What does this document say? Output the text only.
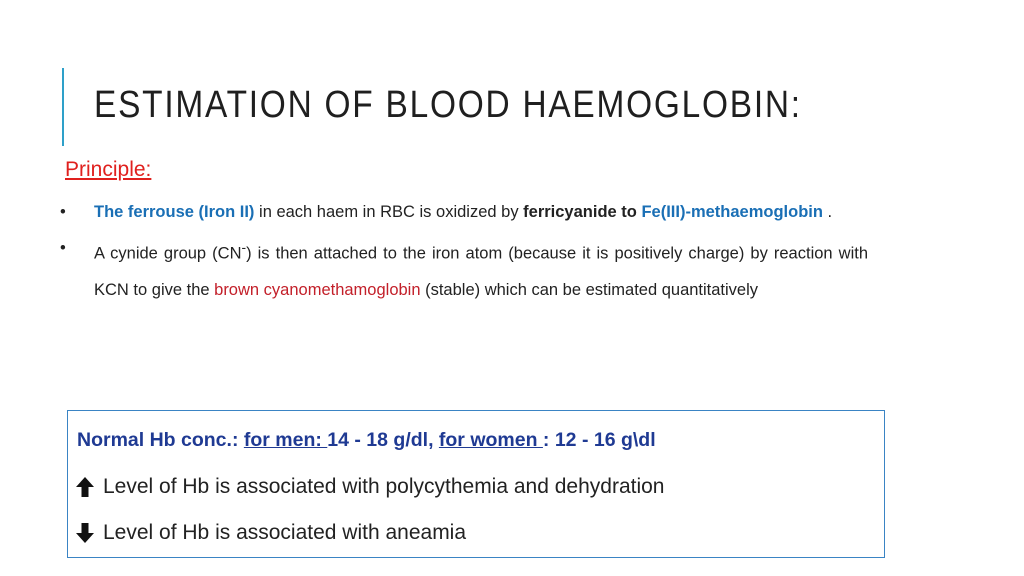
ESTIMATION OF BLOOD HAEMOGLOBIN:
Principle:
• The ferrouse (Iron II) in each haem in RBC is oxidized by ferricyanide to Fe(III)-methaemoglobin .
• A cynide group (CN-) is then attached to the iron atom (because it is positively charge) by reaction with KCN to give the brown cyanomethamoglobin (stable) which can be estimated quantitatively
Normal Hb conc.: for men: 14 - 18 g/dl, for women : 12 - 16 g\dl
Level of Hb is associated with polycythemia and dehydration
Level of Hb is associated with aneamia
